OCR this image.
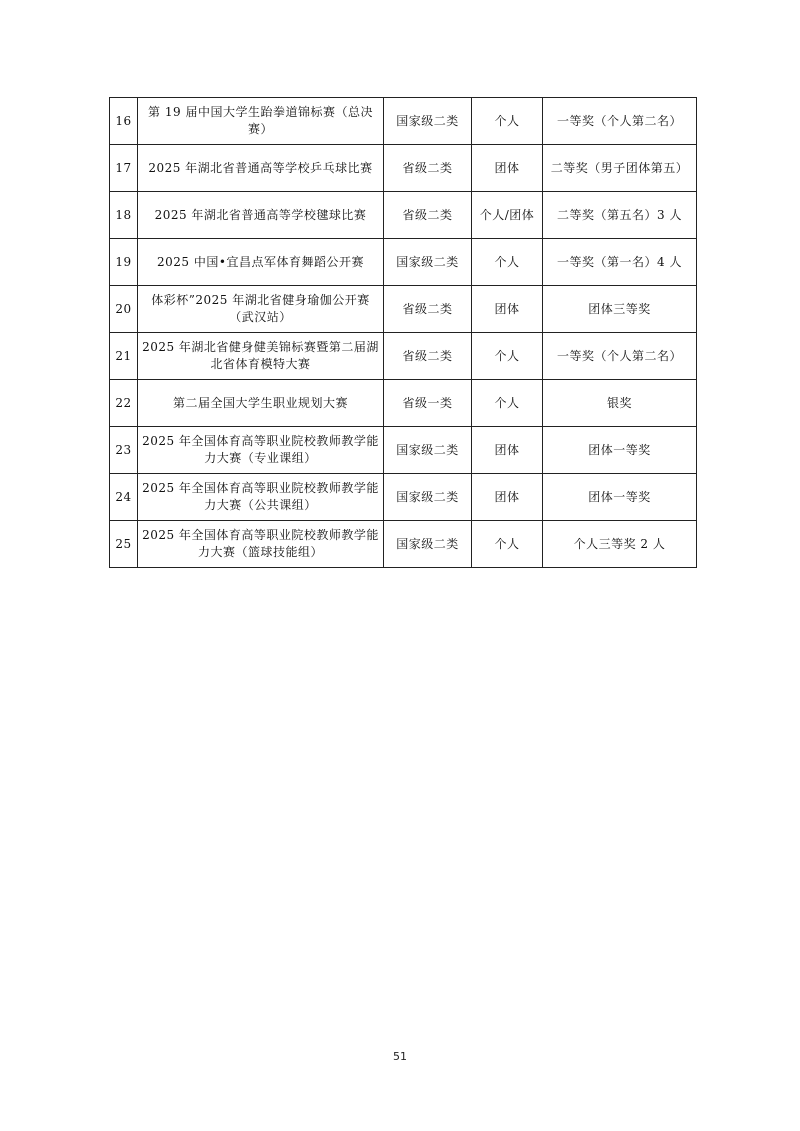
16	第 19 届中国大学生跆拳道锦标赛（总决赛）	国家级二类	个人	一等奖（个人第二名）
17	2025 年湖北省普通高等学校乒乓球比赛	省级二类	团体	二等奖（男子团体第五）
18	2025 年湖北省普通高等学校毽球比赛	省级二类	个人/团体	二等奖（第五名）3 人
19	2025 中国•宜昌点军体育舞蹈公开赛	国家级二类	个人	一等奖（第一名）4 人
20	体彩杯”2025 年湖北省健身瑜伽公开赛（武汉站）	省级二类	团体	团体三等奖
21	2025 年湖北省健身健美锦标赛暨第二届湖北省体育模特大赛	省级二类	个人	一等奖（个人第二名）
22	第二届全国大学生职业规划大赛	省级一类	个人	银奖
23	2025 年全国体育高等职业院校教师教学能力大赛（专业课组）	国家级二类	团体	团体一等奖
24	2025 年全国体育高等职业院校教师教学能力大赛（公共课组）	国家级二类	团体	团体一等奖
25	2025 年全国体育高等职业院校教师教学能力大赛（篮球技能组）	国家级二类	个人	个人三等奖 2 人
51
